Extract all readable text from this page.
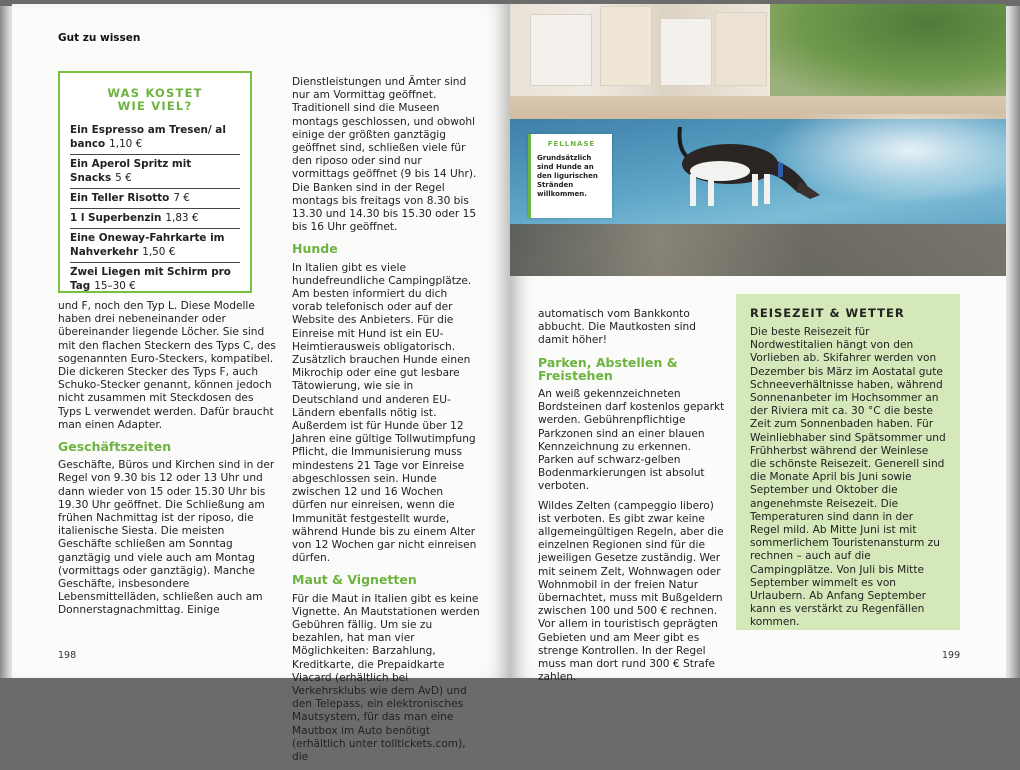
Gut zu wissen
WAS KOSTET
WIE VIEL?
Ein Espresso am Tresen/ al banco 1,10 €
Ein Aperol Spritz mit Snacks 5 €
Ein Teller Risotto 7 €
1 l Superbenzin 1,83 €
Eine Oneway-Fahrkarte im Nahverkehr 1,50 €
Zwei Liegen mit Schirm pro Tag 15–30 €

und F, noch den Typ L. Diese Modelle haben drei nebeneinander oder übereinander liegende Löcher. Sie sind mit den flachen Steckern des Typs C, des sogenannten Euro-Steckers, kompatibel. Die dickeren Stecker des Typs F, auch Schuko-Stecker genannt, können jedoch nicht zusammen mit Steckdosen des Typs L verwendet werden. Dafür braucht man einen Adapter.

Geschäftszeiten

Geschäfte, Büros und Kirchen sind in der Regel von 9.30 bis 12 oder 13 Uhr und dann wieder von 15 oder 15.30 Uhr bis 19.30 Uhr geöffnet. Die Schließung am frühen Nachmittag ist der riposo, die italienische Siesta. Die meisten Geschäfte schließen am Sonntag ganztägig und viele auch am Montag (vormittags oder ganztägig). Manche Geschäfte, insbesondere Lebensmittelläden, schließen auch am Donnerstagnachmittag. Einige

Dienstleistungen und Ämter sind nur am Vormittag geöffnet. Traditionell sind die Museen montags geschlossen, und obwohl einige der größten ganztägig geöffnet sind, schließen viele für den riposo oder sind nur vormittags geöffnet (9 bis 14 Uhr). Die Banken sind in der Regel montags bis freitags von 8.30 bis 13.30 und 14.30 bis 15.30 oder 15 bis 16 Uhr geöffnet.

Hunde

In Italien gibt es viele hundefreundliche Campingplätze. Am besten informiert du dich vorab telefonisch oder auf der Website des Anbieters. Für die Einreise mit Hund ist ein EU-Heimtierausweis obligatorisch. Zusätzlich brauchen Hunde einen Mikrochip oder eine gut lesbare Tätowierung, wie sie in Deutschland und anderen EU-Ländern ebenfalls nötig ist. Außerdem ist für Hunde über 12 Jahren eine gültige Tollwutimpfung Pflicht, die Immunisierung muss mindestens 21 Tage vor Einreise abgeschlossen sein. Hunde zwischen 12 und 16 Wochen dürfen nur einreisen, wenn die Immunität festgestellt wurde, während Hunde bis zu einem Alter von 12 Wochen gar nicht einreisen dürfen.

Maut & Vignetten

Für die Maut in Italien gibt es keine Vignette. An Mautstationen werden Gebühren fällig. Um sie zu bezahlen, hat man vier Möglichkeiten: Barzahlung, Kreditkarte, die Prepaidkarte Viacard (erhältlich bei Verkehrsklubs wie dem AvD) und den Telepass, ein elektronisches Mautsystem, für das man eine Mautbox im Auto benötigt (erhältlich unter tolltickets.com), die

198
FELLNASE
Grundsätzlich sind Hunde an den ligurischen Stränden willkommen.

automatisch vom Bankkonto abbucht. Die Mautkosten sind damit höher!

Parken, Abstellen & Freistehen

An weiß gekennzeichneten Bordsteinen darf kostenlos geparkt werden. Gebührenpflichtige Parkzonen sind an einer blauen Kennzeichnung zu erkennen. Parken auf schwarz-gelben Bodenmarkierungen ist absolut verboten.

Wildes Zelten (campeggio libero) ist verboten. Es gibt zwar keine allgemeingültigen Regeln, aber die einzelnen Regionen sind für die jeweiligen Gesetze zuständig. Wer mit seinem Zelt, Wohnwagen oder Wohnmobil in der freien Natur übernachtet, muss mit Bußgeldern zwischen 100 und 500 € rechnen. Vor allem in touristisch geprägten Gebieten und am Meer gibt es strenge Kontrollen. In der Regel muss man dort rund 300 € Strafe zahlen.

REISEZEIT & WETTER

Die beste Reisezeit für Nordwestitalien hängt von den Vorlieben ab. Skifahrer werden von Dezember bis März im Aostatal gute Schneeverhältnisse haben, während Sonnenanbeter im Hochsommer an der Riviera mit ca. 30 °C die beste Zeit zum Sonnenbaden haben. Für Weinliebhaber sind Spätsommer und Frühherbst während der Weinlese die schönste Reisezeit. Generell sind die Monate April bis Juni sowie September und Oktober die angenehmste Reisezeit. Die Temperaturen sind dann in der Regel mild. Ab Mitte Juni ist mit sommerlichem Touristenansturm zu rechnen – auch auf die Campingplätze. Von Juli bis Mitte September wimmelt es von Urlaubern. Ab Anfang September kann es verstärkt zu Regenfällen kommen.

199
